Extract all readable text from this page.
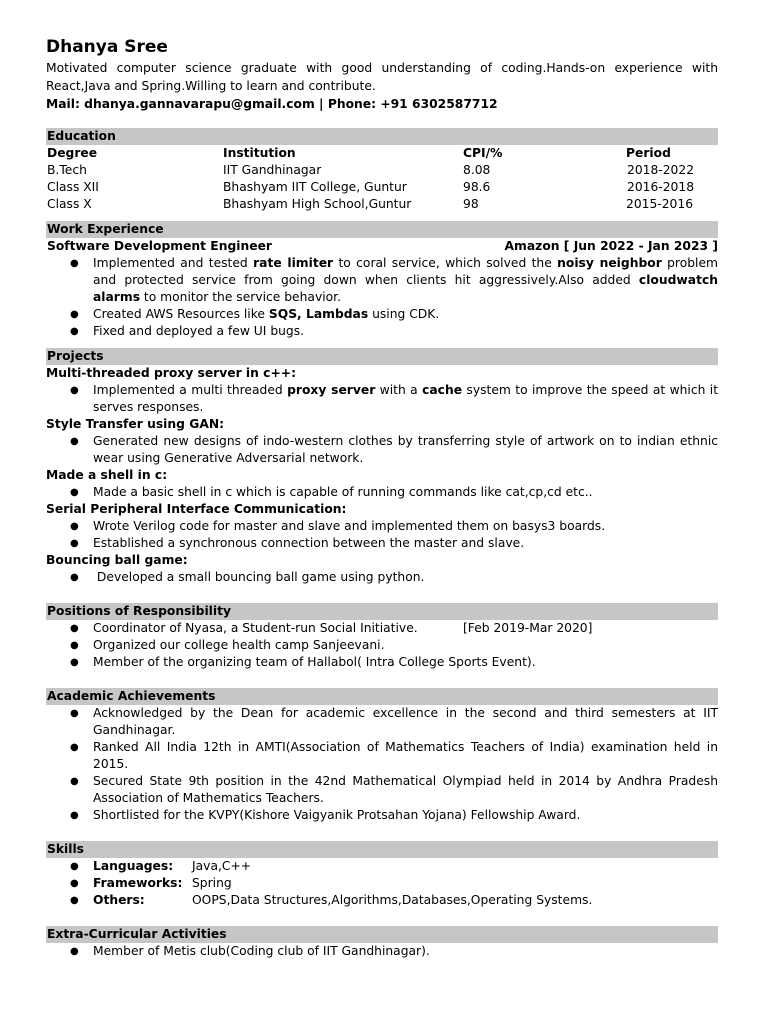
Dhanya Sree
Motivated computer science graduate with good understanding of coding.Hands-on experience with React,Java and Spring.Willing to learn and contribute.
Mail: dhanya.gannavarapu@gmail.com | Phone: +91 6302587712
Education
Degree	Institution	CPI/%	Period
B.Tech	IIT Gandhinagar	8.08	2018-2022
Class XII	Bhashyam IIT College, Guntur	98.6	2016-2018
Class X	Bhashyam High School,Guntur	98	2015-2016
Work Experience
Software Development Engineer	Amazon [ Jun 2022 - Jan 2023 ]
● Implemented and tested rate limiter to coral service, which solved the noisy neighbor problem and protected service from going down when clients hit aggressively.Also added cloudwatch alarms to monitor the service behavior.
● Created AWS Resources like SQS, Lambdas using CDK.
● Fixed and deployed a few UI bugs.
Projects
Multi-threaded proxy server in c++:
● Implemented a multi threaded proxy server with a cache system to improve the speed at which it serves responses.
Style Transfer using GAN:
● Generated new designs of indo-western clothes by transferring style of artwork on to indian ethnic wear using Generative Adversarial network.
Made a shell in c:
● Made a basic shell in c which is capable of running commands like cat,cp,cd etc..
Serial Peripheral Interface Communication:
● Wrote Verilog code for master and slave and implemented them on basys3 boards.
● Established a synchronous connection between the master and slave.
Bouncing ball game:
● Developed a small bouncing ball game using python.
Positions of Responsibility
● Coordinator of Nyasa, a Student-run Social Initiative.	[Feb 2019-Mar 2020]
● Organized our college health camp Sanjeevani.
● Member of the organizing team of Hallabol( Intra College Sports Event).
Academic Achievements
● Acknowledged by the Dean for academic excellence in the second and third semesters at IIT Gandhinagar.
● Ranked All India 12th in AMTI(Association of Mathematics Teachers of India) examination held in 2015.
● Secured State 9th position in the 42nd Mathematical Olympiad held in 2014 by Andhra Pradesh Association of Mathematics Teachers.
● Shortlisted for the KVPY(Kishore Vaigyanik Protsahan Yojana) Fellowship Award.
Skills
● Languages: Java,C++
● Frameworks: Spring
● Others:	OOPS,Data Structures,Algorithms,Databases,Operating Systems.
Extra-Curricular Activities
● Member of Metis club(Coding club of IIT Gandhinagar).
